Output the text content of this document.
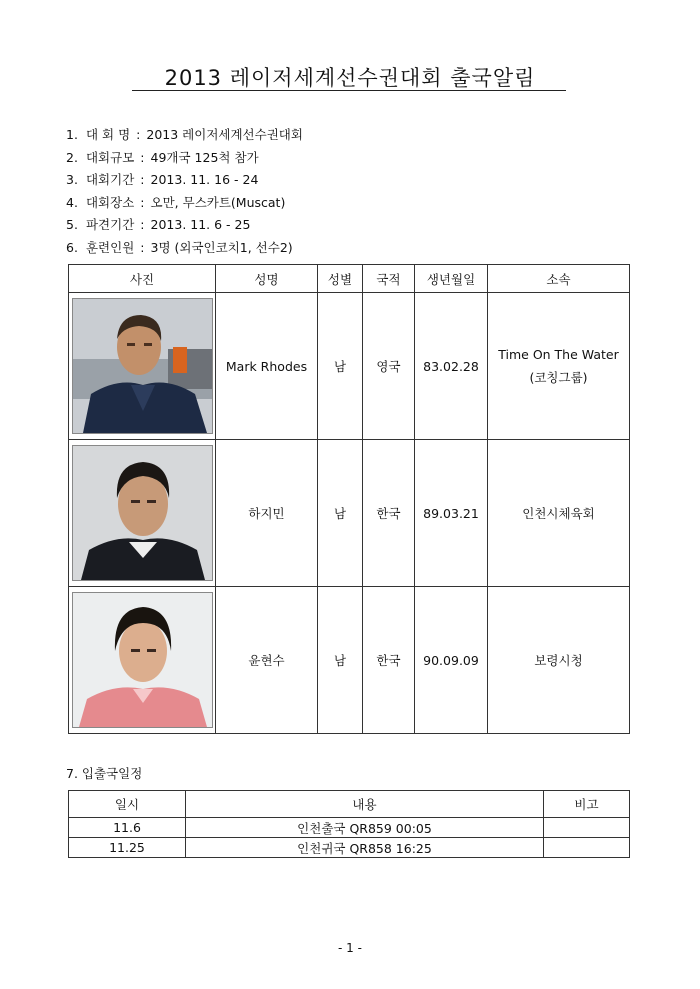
2013 레이저세계선수권대회 출국알림
1. 대 회 명 : 2013 레이저세계선수권대회
2. 대회규모 : 49개국 125척 참가
3. 대회기간 : 2013. 11. 16 - 24
4. 대회장소 : 오만, 무스카트(Muscat)
5. 파견기간 : 2013. 11. 6 - 25
6. 훈련인원 : 3명 (외국인코치1, 선수2)
사진	성명	성별	국적	생년월일	소속

	Mark Rhodes	남	영국	83.02.28	Time On The Water
(코칭그룹)

	하지민	남	한국	89.03.21	인천시체육회

	윤현수	남	한국	90.09.09	보령시청
7. 입출국일정
일시	내용	비고
11.6	인천출국 QR859 00:05	
11.25	인천귀국 QR858 16:25	
- 1 -
